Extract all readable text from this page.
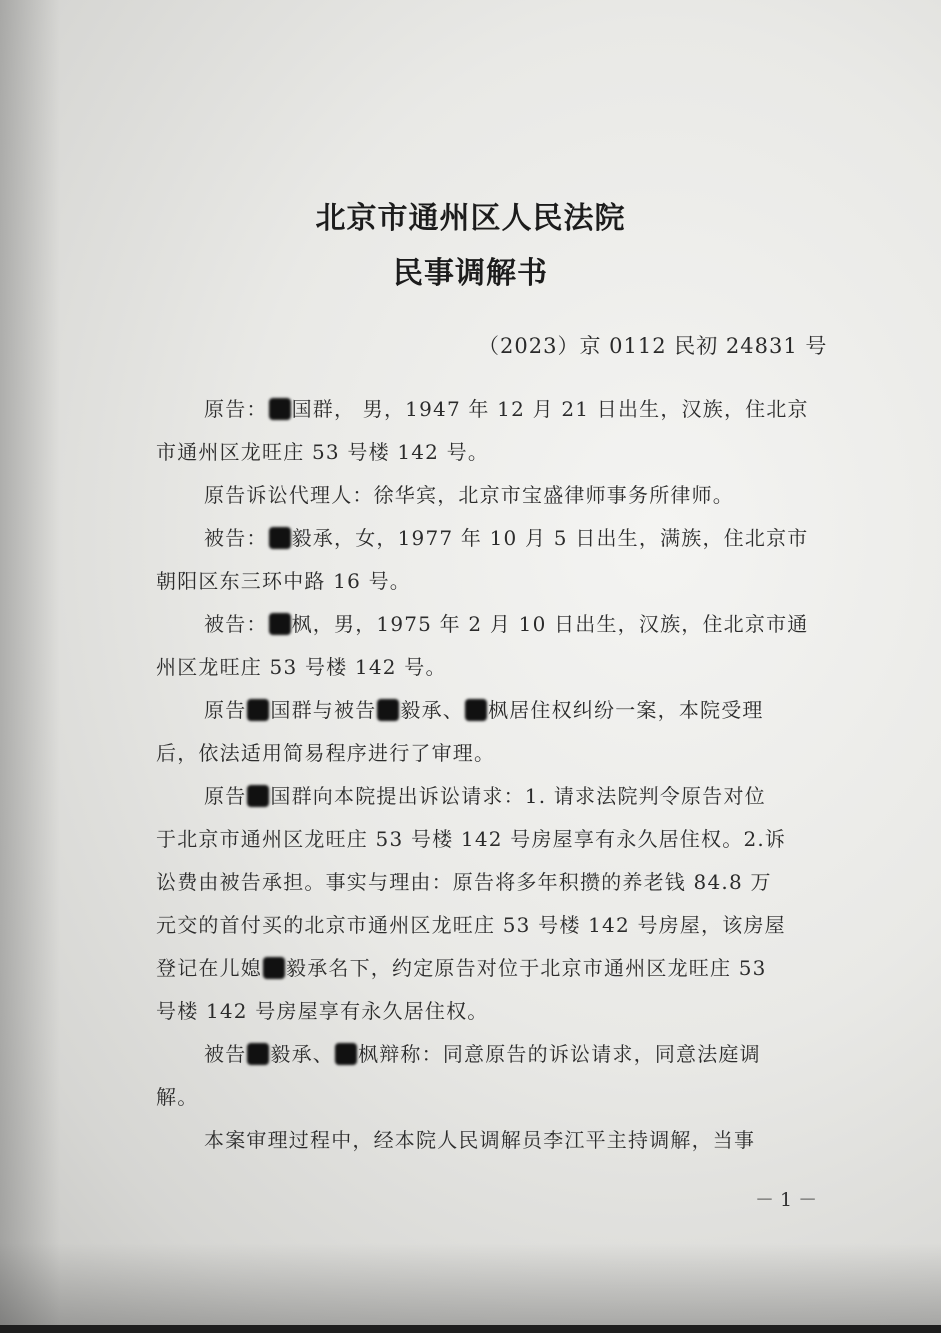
北京市通州区人民法院
民事调解书
（2023）京 0112 民初 24831 号
原告： 国群， 男，1947 年 12 月 21 日出生，汉族，住北京
市通州区龙旺庄 53 号楼 142 号。
原告诉讼代理人：徐华宾，北京市宝盛律师事务所律师。
被告： 毅承，女，1977 年 10 月 5 日出生，满族，住北京市
朝阳区东三环中路 16 号。
被告： 枫，男，1975 年 2 月 10 日出生，汉族，住北京市通
州区龙旺庄 53 号楼 142 号。
原告 国群与被告 毅承、 枫居住权纠纷一案，本院受理
后，依法适用简易程序进行了审理。
原告 国群向本院提出诉讼请求：1. 请求法院判令原告对位
于北京市通州区龙旺庄 53 号楼 142 号房屋享有永久居住权。2.诉
讼费由被告承担。事实与理由：原告将多年积攒的养老钱 84.8 万
元交的首付买的北京市通州区龙旺庄 53 号楼 142 号房屋，该房屋
登记在儿媳 毅承名下，约定原告对位于北京市通州区龙旺庄 53
号楼 142 号房屋享有永久居住权。
被告 毅承、 枫辩称：同意原告的诉讼请求，同意法庭调
解。
本案审理过程中，经本院人民调解员李江平主持调解，当事
－ 1 －
